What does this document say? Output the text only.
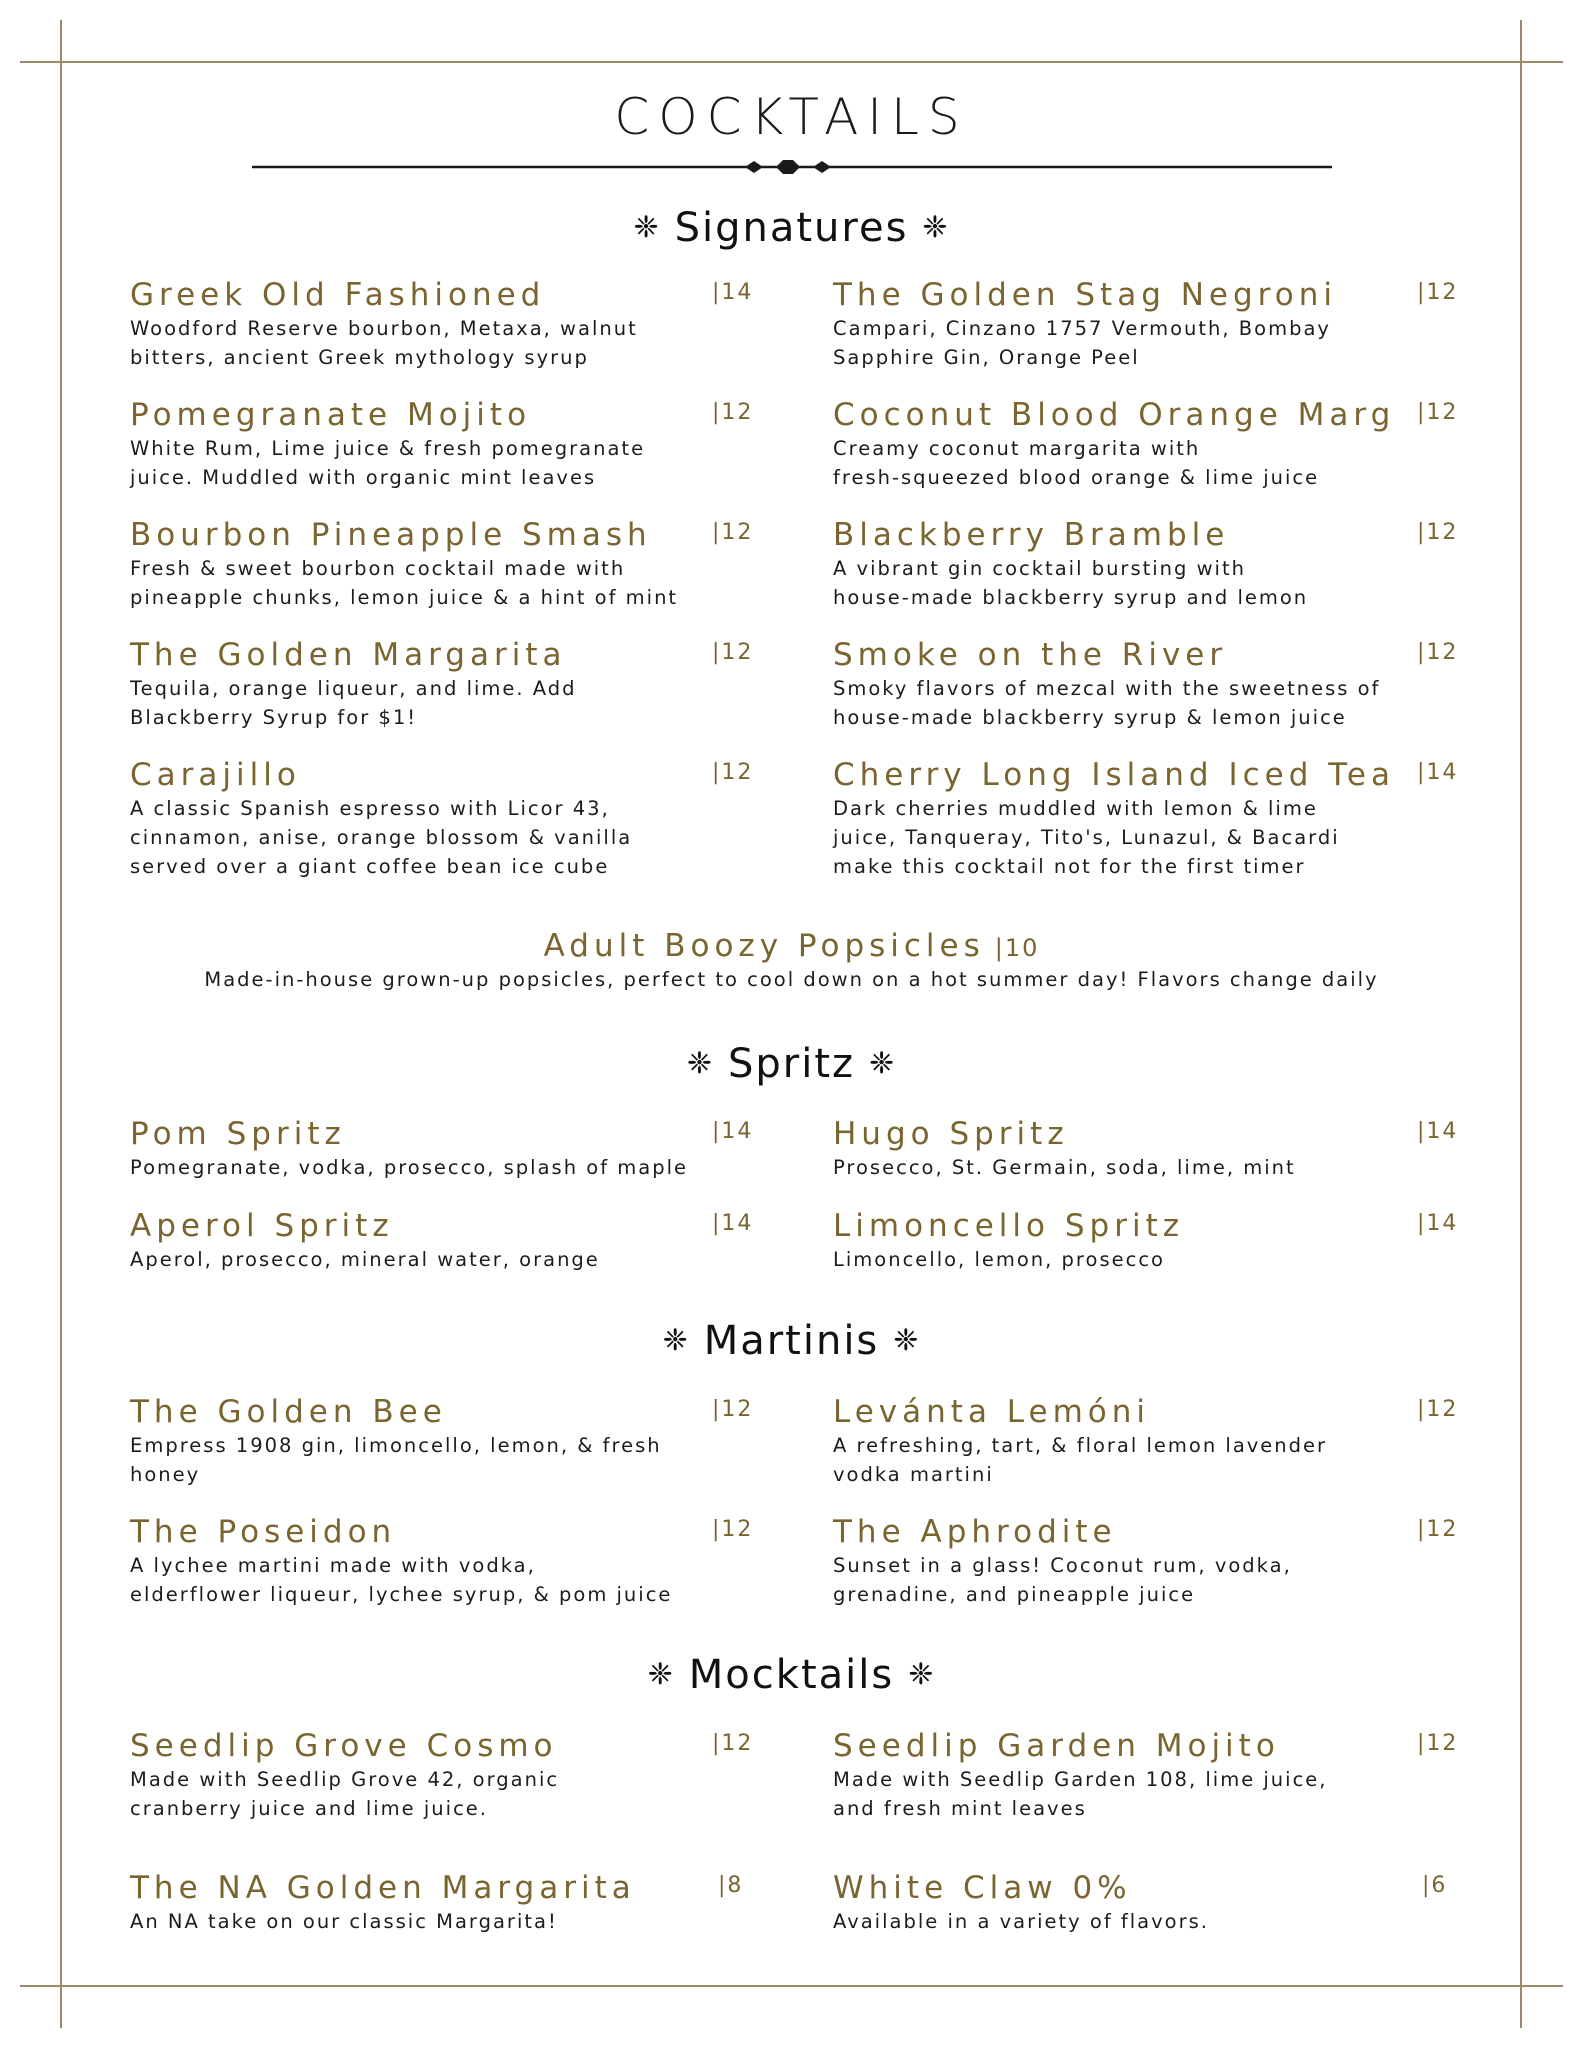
COCKTAILS
❈ Signatures ❈
Greek Old Fashioned	|14
Woodford Reserve bourbon, Metaxa, walnut
bitters, ancient Greek mythology syrup
The Golden Stag Negroni	|12
Campari, Cinzano 1757 Vermouth, Bombay
Sapphire Gin, Orange Peel
Pomegranate Mojito	|12
White Rum, Lime juice & fresh pomegranate
juice. Muddled with organic mint leaves
Coconut Blood Orange Marg |12
Creamy coconut margarita with
fresh-squeezed blood orange & lime juice
Bourbon Pineapple Smash	|12
Fresh & sweet bourbon cocktail made with
pineapple chunks, lemon juice & a hint of mint
Blackberry Bramble	|12
A vibrant gin cocktail bursting with
house-made blackberry syrup and lemon
The Golden Margarita	|12
Tequila, orange liqueur, and lime. Add
Blackberry Syrup for $1!
Smoke on the River	|12
Smoky flavors of mezcal with the sweetness of
house-made blackberry syrup & lemon juice
Carajillo	|12
A classic Spanish espresso with Licor 43,
cinnamon, anise, orange blossom & vanilla
served over a giant coffee bean ice cube
Cherry Long Island Iced Tea	|14
Dark cherries muddled with lemon & lime
juice, Tanqueray, Tito's, Lunazul, & Bacardi
make this cocktail not for the first timer
Adult Boozy Popsicles |10
Made-in-house grown-up popsicles, perfect to cool down on a hot summer day! Flavors change daily
❈ Spritz ❈
Pom Spritz	|14
Pomegranate, vodka, prosecco, splash of maple
Hugo Spritz	|14
Prosecco, St. Germain, soda, lime, mint
Aperol Spritz	|14
Aperol, prosecco, mineral water, orange
Limoncello Spritz	|14
Limoncello, lemon, prosecco
❈ Martinis ❈
The Golden Bee	|12
Empress 1908 gin, limoncello, lemon, & fresh
honey
Levánta Lemóni	|12
A refreshing, tart, & floral lemon lavender
vodka martini
The Poseidon	|12
A lychee martini made with vodka,
elderflower liqueur, lychee syrup, & pom juice
The Aphrodite	|12
Sunset in a glass! Coconut rum, vodka,
grenadine, and pineapple juice
❈ Mocktails ❈
Seedlip Grove Cosmo	|12
Made with Seedlip Grove 42, organic
cranberry juice and lime juice.
Seedlip Garden Mojito	|12
Made with Seedlip Garden 108, lime juice,
and fresh mint leaves
The NA Golden Margarita	|8
An NA take on our classic Margarita!
White Claw 0%	|6
Available in a variety of flavors.
